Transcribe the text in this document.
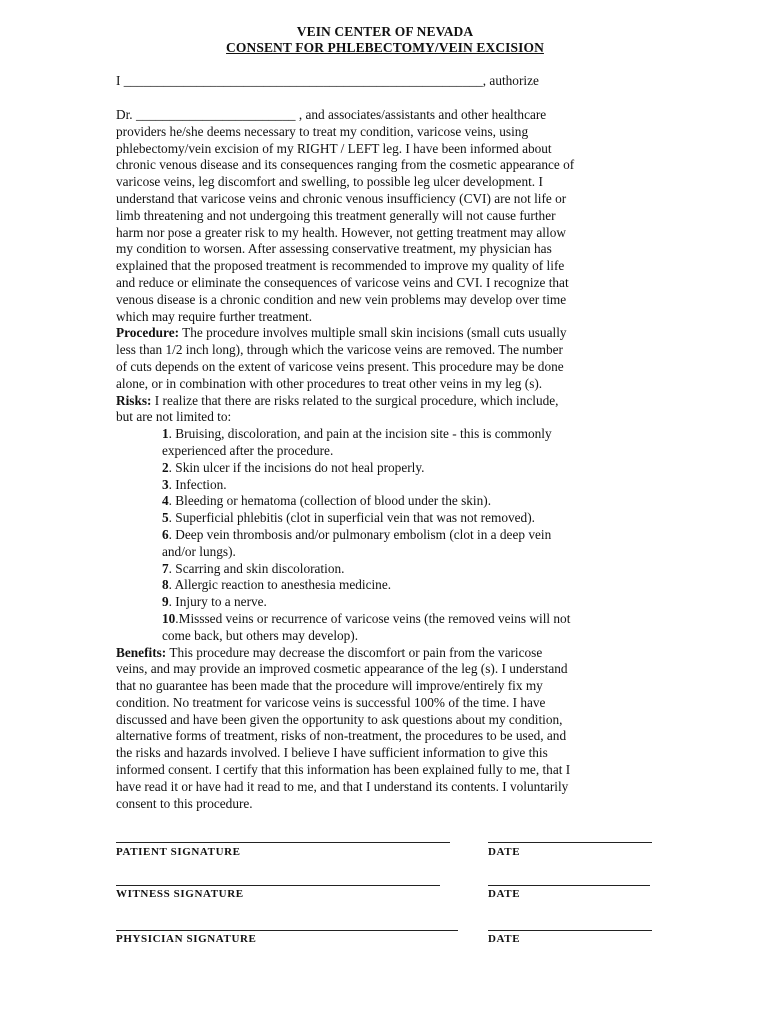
VEIN CENTER OF NEVADA
CONSENT FOR PHLEBECTOMY/VEIN EXCISION
I ______________________________________________________, authorize
Dr. ________________________ , and associates/assistants and other healthcare
providers he/she deems necessary to treat my condition, varicose veins, using
phlebectomy/vein excision of my RIGHT / LEFT leg. I have been informed about
chronic venous disease and its consequences ranging from the cosmetic appearance of
varicose veins, leg discomfort and swelling, to possible leg ulcer development. I
understand that varicose veins and chronic venous insufficiency (CVI) are not life or
limb threatening and not undergoing this treatment generally will not cause further
harm nor pose a greater risk to my health. However, not getting treatment may allow
my condition to worsen. After assessing conservative treatment, my physician has
explained that the proposed treatment is recommended to improve my quality of life
and reduce or eliminate the consequences of varicose veins and CVI. I recognize that
venous disease is a chronic condition and new vein problems may develop over time
which may require further treatment.
Procedure: The procedure involves multiple small skin incisions (small cuts usually
less than 1/2 inch long), through which the varicose veins are removed. The number
of cuts depends on the extent of varicose veins present. This procedure may be done
alone, or in combination with other procedures to treat other veins in my leg (s).
Risks: I realize that there are risks related to the surgical procedure, which include,
but are not limited to:
1. Bruising, discoloration, and pain at the incision site - this is commonly
experienced after the procedure.
2. Skin ulcer if the incisions do not heal properly.
3. Infection.
4. Bleeding or hematoma (collection of blood under the skin).
5. Superficial phlebitis (clot in superficial vein that was not removed).
6. Deep vein thrombosis and/or pulmonary embolism (clot in a deep vein
and/or lungs).
7. Scarring and skin discoloration.
8. Allergic reaction to anesthesia medicine.
9. Injury to a nerve.
10.Misssed veins or recurrence of varicose veins (the removed veins will not
come back, but others may develop).
Benefits: This procedure may decrease the discomfort or pain from the varicose
veins, and may provide an improved cosmetic appearance of the leg (s). I understand
that no guarantee has been made that the procedure will improve/entirely fix my
condition. No treatment for varicose veins is successful 100% of the time. I have
discussed and have been given the opportunity to ask questions about my condition,
alternative forms of treatment, risks of non-treatment, the procedures to be used, and
the risks and hazards involved. I believe I have sufficient information to give this
informed consent. I certify that this information has been explained fully to me, that I
have read it or have had it read to me, and that I understand its contents. I voluntarily
consent to this procedure.
PATIENT SIGNATURE	DATE
WITNESS SIGNATURE	DATE
PHYSICIAN SIGNATURE	DATE
